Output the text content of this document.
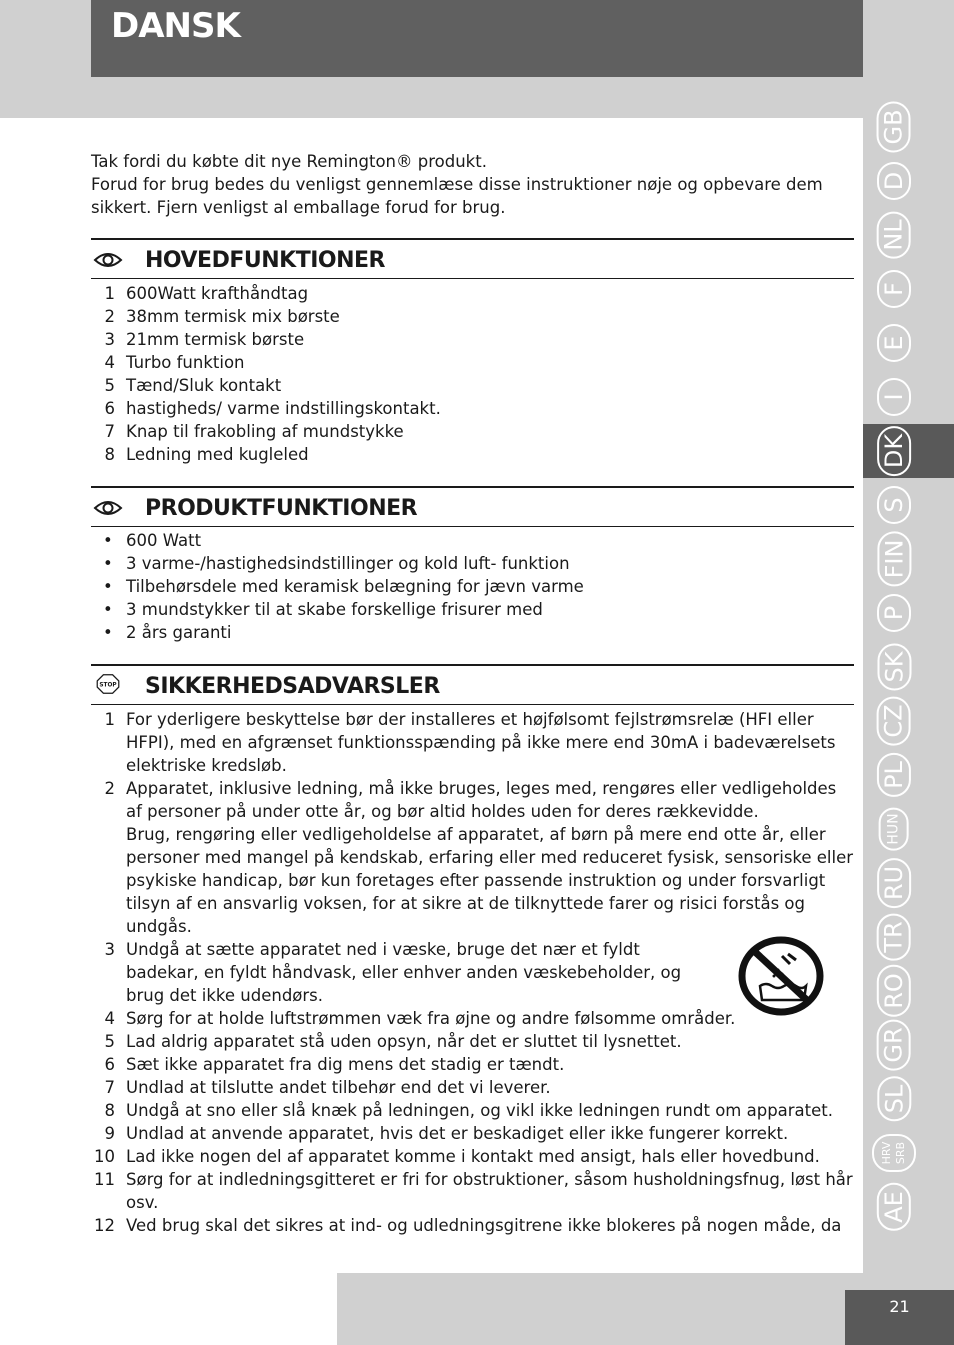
DANSK

Tak fordi du købte dit nye Remington® produkt.

Forud for brug bedes du venligst gennemlæse disse instruktioner nøje og opbevare dem sikkert. Fjern venligst al emballage forud for brug.

HOVEDFUNKTIONER
1 600Watt krafthåndtag
2 38mm termisk mix børste
3 21mm termisk børste
4 Turbo funktion
5 Tænd/Sluk kontakt
6 hastigheds/ varme indstillingskontakt.
7 Knap til frakobling af mundstykke
8 Ledning med kugleled
PRODUKTFUNKTIONER
• 600 Watt
• 3 varme-/hastighedsindstillinger og kold luft- funktion
• Tilbehørsdele med keramisk belægning for jævn varme
• 3 mundstykker til at skabe forskellige frisurer med
• 2 års garanti
STOP SIKKERHEDSADVARSLER
1 For yderligere beskyttelse bør der installeres et højfølsomt fejlstrømsrelæ (HFI eller HFPI), med en afgrænset funktionsspænding på ikke mere end 30mA i badeværelsets elektriske kredsløb.
2 Apparatet, inklusive ledning, må ikke bruges, leges med, rengøres eller vedligeholdes af personer på under otte år, og bør altid holdes uden for deres rækkevidde.
Brug, rengøring eller vedligeholdelse af apparatet, af børn på mere end otte år, eller personer med mangel på kendskab, erfaring eller med reduceret fysisk, sensoriske eller psykiske handicap, bør kun foretages efter passende instruktion og under forsvarligt tilsyn af en ansvarlig voksen, for at sikre at de tilknyttede farer og risici forstås og undgås.
3 Undgå at sætte apparatet ned i væske, bruge det nær et fyldt badekar, en fyldt håndvask, eller enhver anden væskebeholder, og brug det ikke udendørs.
4 Sørg for at holde luftstrømmen væk fra øjne og andre følsomme områder.
5 Lad aldrig apparatet stå uden opsyn, når det er sluttet til lysnettet.
6 Sæt ikke apparatet fra dig mens det stadig er tændt.
7 Undlad at tilslutte andet tilbehør end det vi leverer.
8 Undgå at sno eller slå knæk på ledningen, og vikl ikke ledningen rundt om apparatet.
9 Undlad at anvende apparatet, hvis det er beskadiget eller ikke fungerer korrekt.
10 Lad ikke nogen del af apparatet komme i kontakt med ansigt, hals eller hovedbund.
11 Sørg for at indledningsgitteret er fri for obstruktioner, såsom husholdningsfnug, løst hår osv.
12 Ved brug skal det sikres at ind- og udledningsgitrene ikke blokeres på nogen måde, da
GB
D
NL
F
E
I
DK
S
FIN
P
SK
CZ
PL
HUN
RU
TR
RO
GR
SL
HRV SRB
AE
21
